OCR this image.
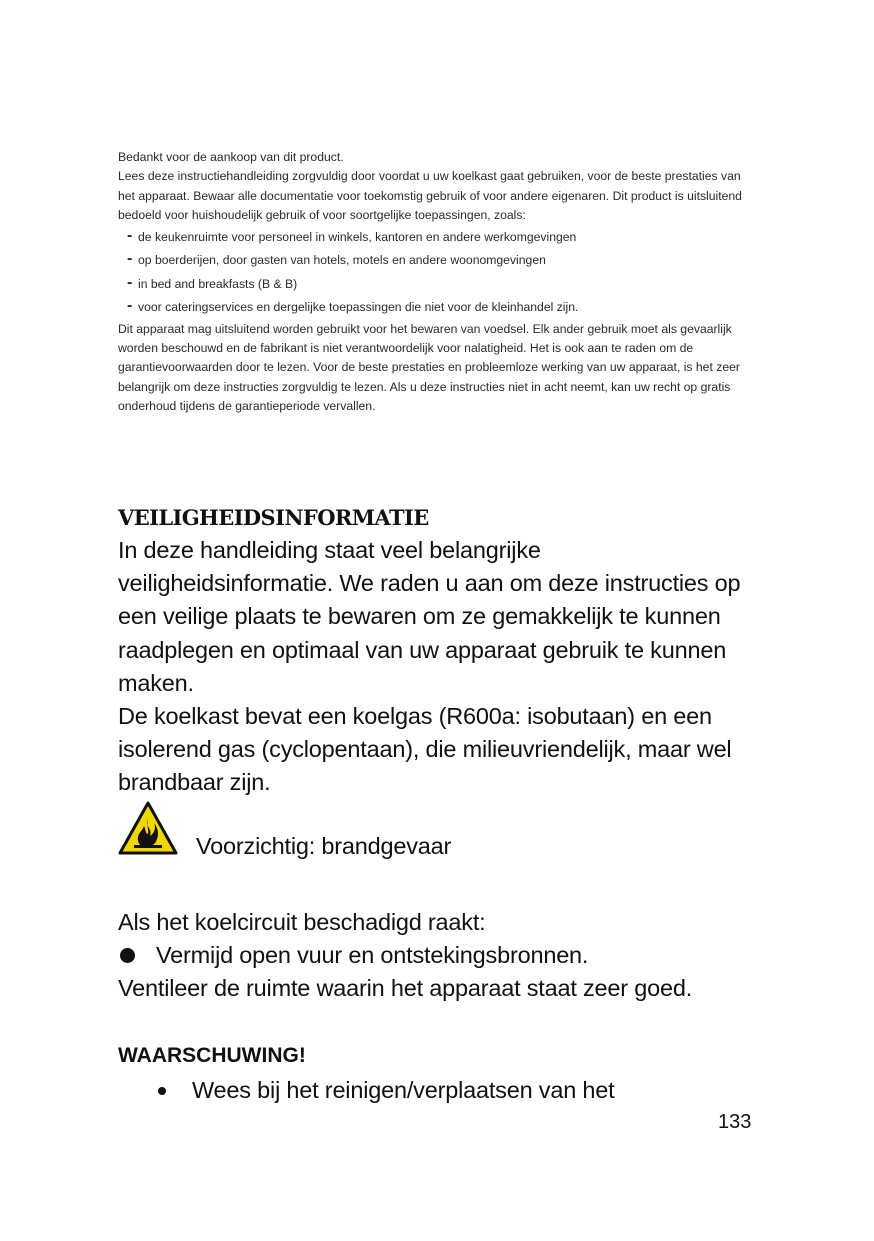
Bedankt voor de aankoop van dit product.

Lees deze instructiehandleiding zorgvuldig door voordat u uw koelkast gaat gebruiken, voor de beste prestaties van het apparaat. Bewaar alle documentatie voor toekomstig gebruik of voor andere eigenaren. Dit product is uitsluitend bedoeld voor huishoudelijk gebruik of voor soortgelijke toepassingen, zoals:

- de keukenruimte voor personeel in winkels, kantoren en andere werkomgevingen
- op boerderijen, door gasten van hotels, motels en andere woonomgevingen
- in bed and breakfasts (B & B)
- voor cateringservices en dergelijke toepassingen die niet voor de kleinhandel zijn.

Dit apparaat mag uitsluitend worden gebruikt voor het bewaren van voedsel. Elk ander gebruik moet als gevaarlijk worden beschouwd en de fabrikant is niet verantwoordelijk voor nalatigheid. Het is ook aan te raden om de garantievoorwaarden door te lezen. Voor de beste prestaties en probleemloze werking van uw apparaat, is het zeer belangrijk om deze instructies zorgvuldig te lezen. Als u deze instructies niet in acht neemt, kan uw recht op gratis onderhoud tijdens de garantieperiode vervallen.

VEILIGHEIDSINFORMATIE

In deze handleiding staat veel belangrijke veiligheidsinformatie. We raden u aan om deze instructies op een veilige plaats te bewaren om ze gemakkelijk te kunnen raadplegen en optimaal van uw apparaat gebruik te kunnen maken.

De koelkast bevat een koelgas (R600a: isobutaan) en een isolerend gas (cyclopentaan), die milieuvriendelijk, maar wel brandbaar zijn.

Voorzichtig: brandgevaar

Als het koelcircuit beschadigd raakt:

Vermijd open vuur en ontstekingsbronnen.

Ventileer de ruimte waarin het apparaat staat zeer goed.

WAARSCHUWING!

Wees bij het reinigen/verplaatsen van het

133
